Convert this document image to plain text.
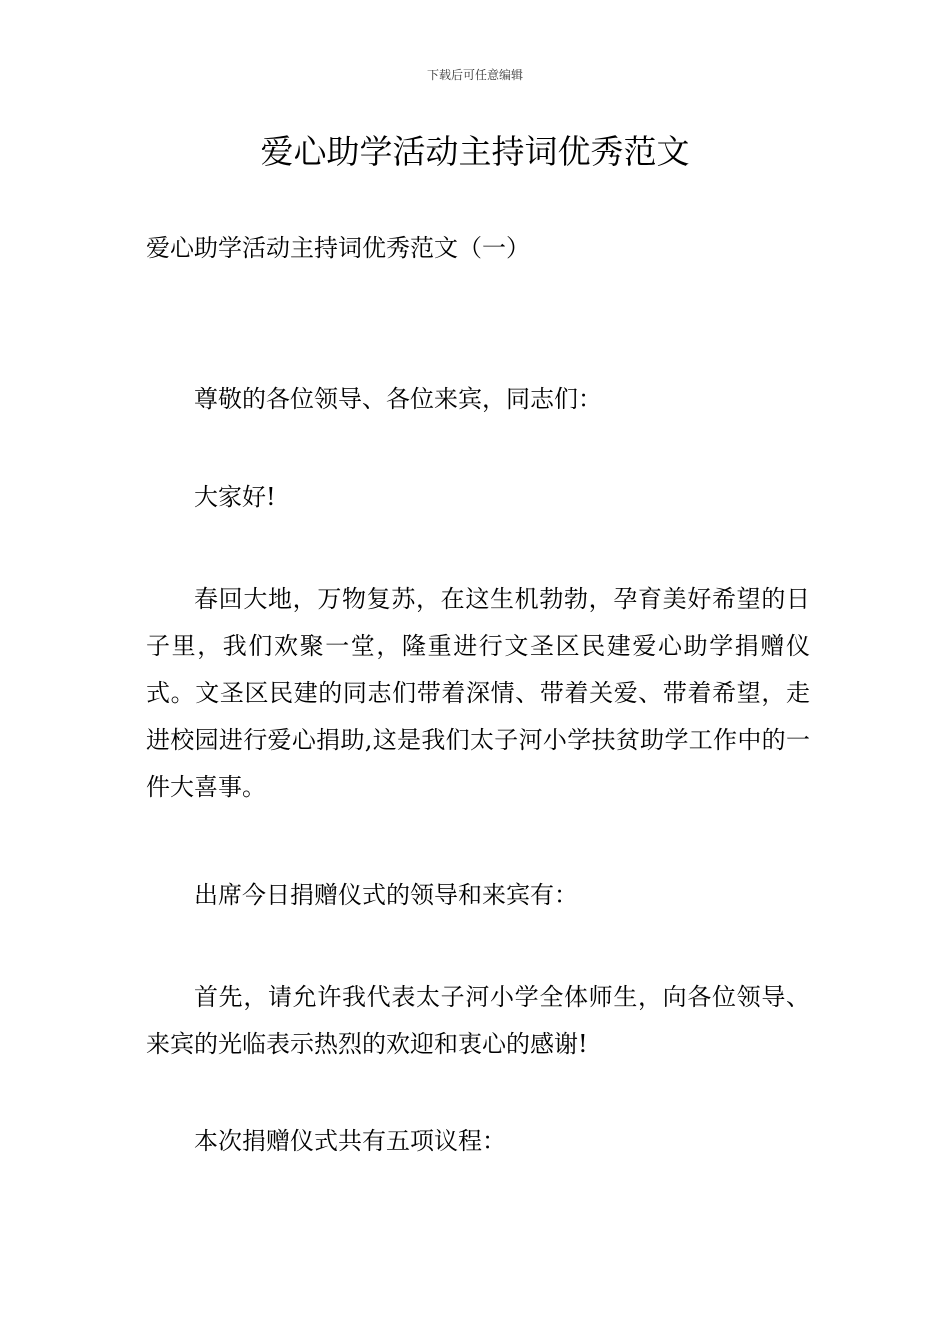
下载后可任意编辑
爱心助学活动主持词优秀范文

爱心助学活动主持词优秀范文（一）

尊敬的各位领导、各位来宾，同志们：

大家好!

春回大地，万物复苏，在这生机勃勃，孕育美好希望的日子里，我们欢聚一堂，隆重进行文圣区民建爱心助学捐赠仪式。文圣区民建的同志们带着深情、带着关爱、带着希望，走进校园进行爱心捐助,这是我们太子河小学扶贫助学工作中的一件大喜事。

出席今日捐赠仪式的领导和来宾有：

首先，请允许我代表太子河小学全体师生，向各位领导、来宾的光临表示热烈的欢迎和衷心的感谢!

本次捐赠仪式共有五项议程：
